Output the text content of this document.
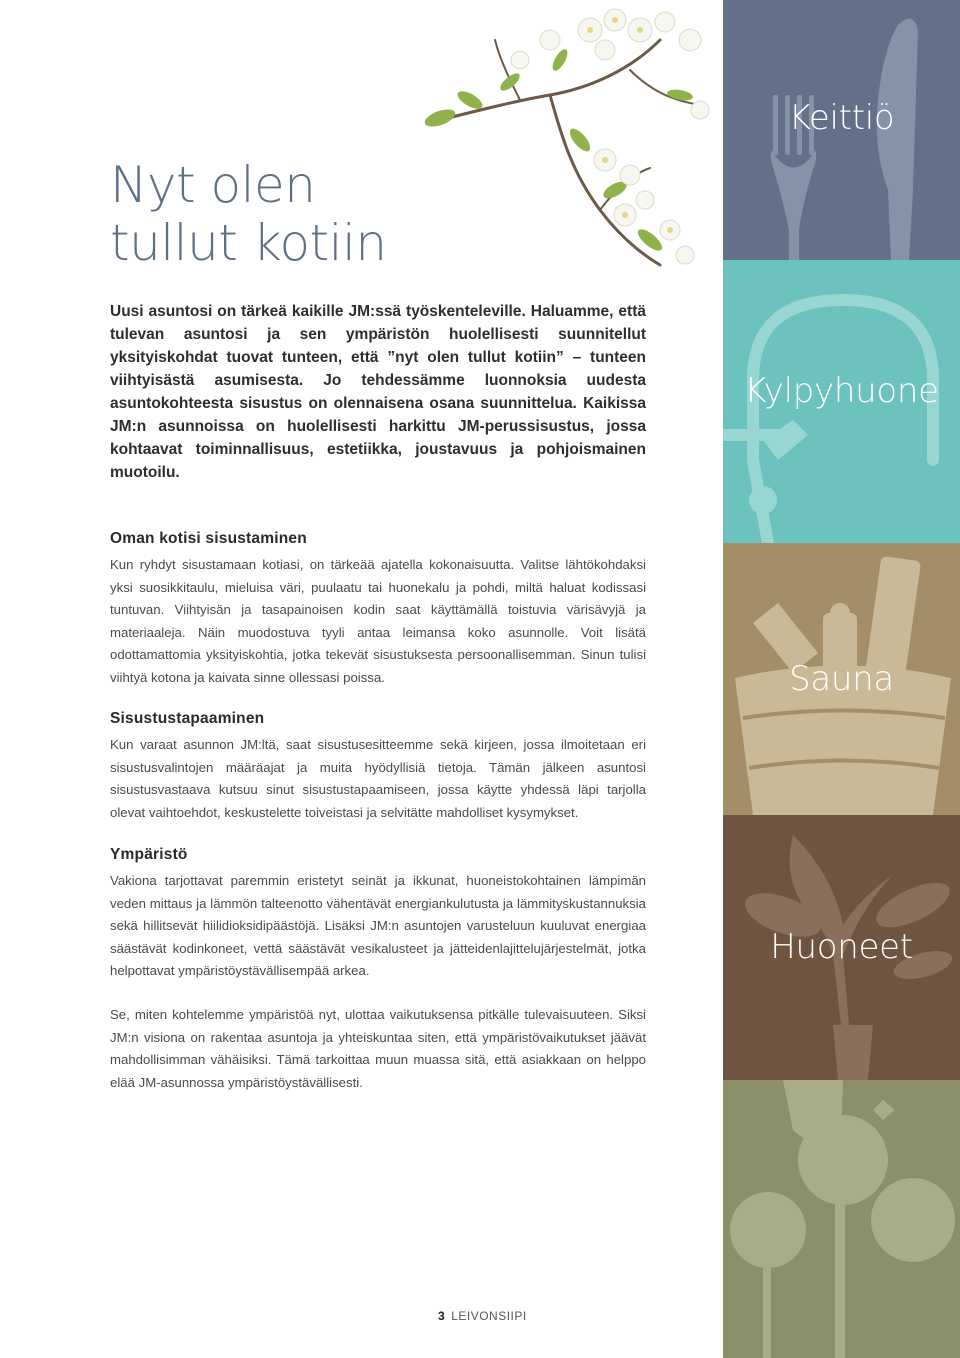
Nyt olen
tullut kotiin

Uusi asuntosi on tärkeä kaikille JM:ssä työskenteleville. Haluamme, että tulevan asuntosi ja sen ympäristön huolellisesti suunnitellut yksityiskohdat tuovat tunteen, että ”nyt olen tullut kotiin” – tunteen viihtyisästä asumisesta. Jo tehdessämme luonnoksia uudesta asuntokohteesta sisustus on olennaisena osana suunnittelua. Kaikissa JM:n asunnoissa on huolellisesti harkittu JM-perussisustus, jossa kohtaavat toiminnallisuus, estetiikka, joustavuus ja pohjoismainen muotoilu.

Oman kotisi sisustaminen

Kun ryhdyt sisustamaan kotiasi, on tärkeää ajatella kokonaisuutta. Valitse lähtökohdaksi yksi suosikkitaulu, mieluisa väri, puulaatu tai huonekalu ja pohdi, miltä haluat kodissasi tuntuvan. Viihtyisän ja tasapainoisen kodin saat käyttämällä toistuvia värisävyjä ja materiaaleja. Näin muodostuva tyyli antaa leimansa koko asunnolle. Voit lisätä odottamattomia yksityiskohtia, jotka tekevät sisustuksesta persoonallisemman. Sinun tulisi viihtyä kotona ja kaivata sinne ollessasi poissa.

Sisustustapaaminen

Kun varaat asunnon JM:ltä, saat sisustusesitteemme sekä kirjeen, jossa ilmoitetaan eri sisustusvalintojen määräajat ja muita hyödyllisiä tietoja. Tämän jälkeen asuntosi sisustusvastaava kutsuu sinut sisustustapaamiseen, jossa käytte yhdessä läpi tarjolla olevat vaihtoehdot, keskustelette toiveistasi ja selvitätte mahdolliset kysymykset.

Ympäristö

Vakiona tarjottavat paremmin eristetyt seinät ja ikkunat, huoneistokohtainen lämpimän veden mittaus ja lämmön talteenotto vähentävät energiankulutusta ja lämmityskustannuksia sekä hillitsevät hiilidioksidipäästöjä. Lisäksi JM:n asuntojen varusteluun kuuluvat energiaa säästävät kodinkoneet, vettä säästävät vesikalusteet ja jätteidenlajittelujärjestelmät, jotka helpottavat ympäristöystävällisempää arkea.

Se, miten kohtelemme ympäristöä nyt, ulottaa vaikutuksensa pitkälle tulevaisuuteen. Siksi JM:n visiona on rakentaa asuntoja ja yhteiskuntaa siten, että ympäristövaikutukset jäävät mahdollisimman vähäisiksi. Tämä tarkoittaa muun muassa sitä, että asiakkaan on helppo elää JM-asunnossa ympäristöystävällisesti.

3 LEIVONSIIPI
Keittiö
Kylpyhuone
Sauna
Huoneet
